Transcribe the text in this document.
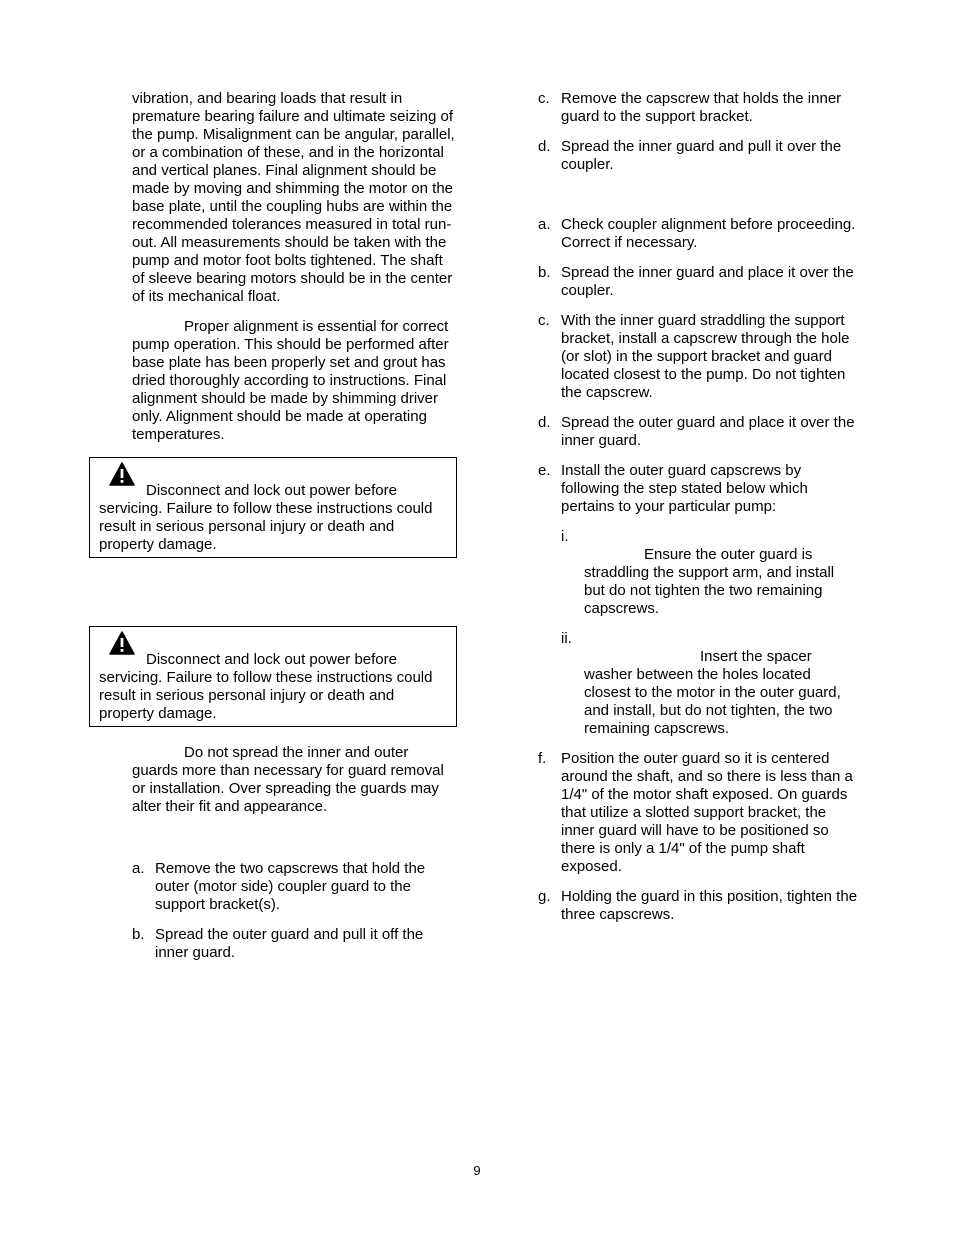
vibration, and bearing loads that result in premature bearing failure and ultimate seizing of the pump. Misalignment can be angular, parallel, or a combination of these, and in the horizontal and vertical planes. Final alignment should be made by moving and shimming the motor on the base plate, until the coupling hubs are within the recommended tolerances measured in total run-out. All measurements should be taken with the pump and motor foot bolts tightened. The shaft of sleeve bearing motors should be in the center of its mechanical float.

Proper alignment is essential for correct pump operation. This should be performed after base plate has been properly set and grout has dried thoroughly according to instructions. Final alignment should be made by shimming driver only. Alignment should be made at operating temperatures.

Disconnect and lock out power before servicing. Failure to follow these instructions could result in serious personal injury or death and property damage.
Disconnect and lock out power before servicing. Failure to follow these instructions could result in serious personal injury or death and property damage.

Do not spread the inner and outer guards more than necessary for guard removal or installation. Over spreading the guards may alter their fit and appearance.

a. Remove the two capscrews that hold the outer (motor side) coupler guard to the support bracket(s).
b. Spread the outer guard and pull it off the inner guard.
c. Remove the capscrew that holds the inner guard to the support bracket.
d. Spread the inner guard and pull it over the coupler.
a. Check coupler alignment before proceeding. Correct if necessary.
b. Spread the inner guard and place it over the coupler.
c. With the inner guard straddling the support bracket, install a capscrew through the hole (or slot) in the support bracket and guard located closest to the pump. Do not tighten the capscrew.
d. Spread the outer guard and place it over the inner guard.
e. Install the outer guard capscrews by following the step stated below which pertains to your particular pump:
i.
Ensure the outer guard is straddling the support arm, and install but do not tighten the two remaining capscrews.
ii.
Insert the spacer washer between the holes located closest to the motor in the outer guard, and install, but do not tighten, the two remaining capscrews.
f. Position the outer guard so it is centered around the shaft, and so there is less than a 1/4" of the motor shaft exposed. On guards that utilize a slotted support bracket, the inner guard will have to be positioned so there is only a 1/4" of the pump shaft exposed.
g. Holding the guard in this position, tighten the three capscrews.
9
